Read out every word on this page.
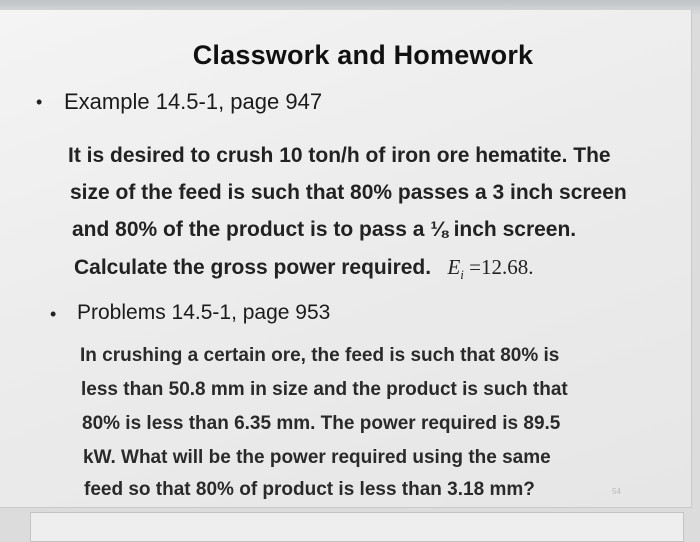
Classwork and Homework
• Example 14.5-1, page 947
It is desired to crush 10 ton/h of iron ore hematite. The
size of the feed is such that 80% passes a 3 inch screen
and 80% of the product is to pass a ⅛ inch screen.
Calculate the gross power required. $E_i =12.68$.
• Problems 14.5-1, page 953
In crushing a certain ore, the feed is such that 80% is
less than 50.8 mm in size and the product is such that
80% is less than 6.35 mm. The power required is 89.5
kW. What will be the power required using the same
feed so that 80% of product is less than 3.18 mm?	54
